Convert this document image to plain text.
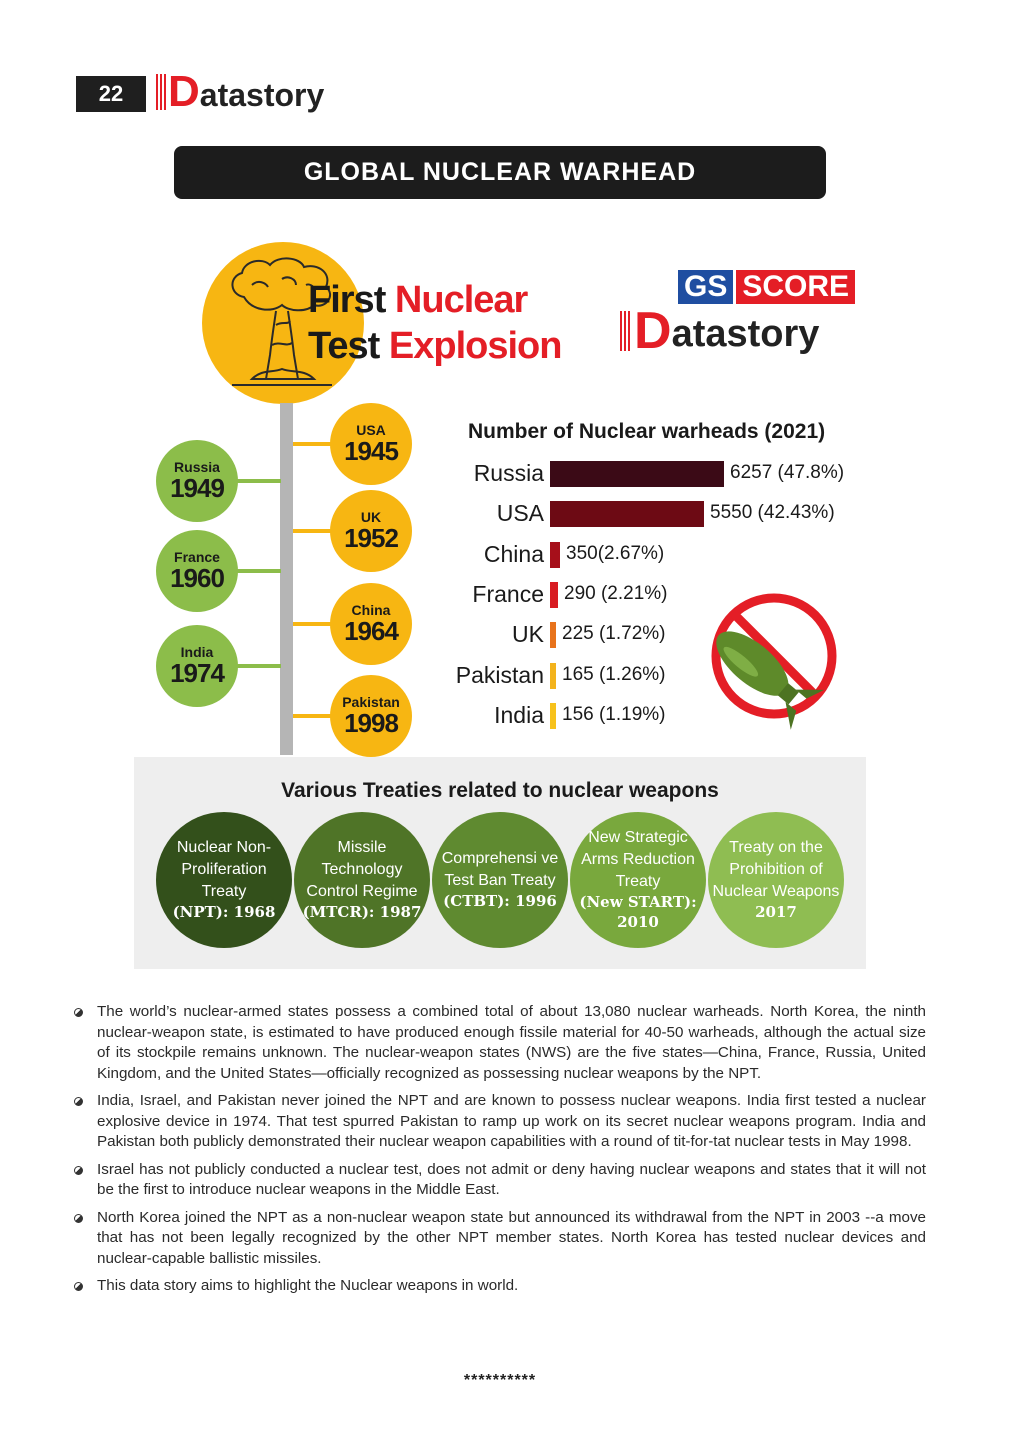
22	D atastory
GLOBAL NUCLEAR WARHEAD
First Nuclear
Test Explosion
GS SCORE
D atastory
USA
1945
Russia
1949
UK
1952
France
1960
China
1964
India
1974
Pakistan
1998
Number of Nuclear warheads (2021)
Russia	6257 (47.8%)
USA	5550 (42.43%)
China 350(2.67%)
France 290 (2.21%)
UK 225 (1.72%)
Pakistan 165 (1.26%)
India 156 (1.19%)
Various Treaties related to nuclear weapons
Nuclear Non-Proliferation Treaty
(NPT): 1968
Missile Technology Control Regime
(MTCR): 1987
Comprehensi ve Test Ban Treaty
(CTBT): 1996
New Strategic Arms Reduction Treaty
(New START): 2010
Treaty on the Prohibition of Nuclear Weapons
2017
The world’s nuclear-armed states possess a combined total of about 13,080 nuclear warheads. North Korea, the ninth nuclear-weapon state, is estimated to have produced enough fissile material for 40-50 warheads, although the actual size of its stockpile remains unknown. The nuclear-weapon states (NWS) are the five states—China, France, Russia, United Kingdom, and the United States—officially recognized as possessing nuclear weapons by the NPT.
India, Israel, and Pakistan never joined the NPT and are known to possess nuclear weapons. India first tested a nuclear explosive device in 1974. That test spurred Pakistan to ramp up work on its secret nuclear weapons program. India and Pakistan both publicly demonstrated their nuclear weapon capabilities with a round of tit-for-tat nuclear tests in May 1998.
Israel has not publicly conducted a nuclear test, does not admit or deny having nuclear weapons and states that it will not be the first to introduce nuclear weapons in the Middle East.
North Korea joined the NPT as a non-nuclear weapon state but announced its withdrawal from the NPT in 2003 --a move that has not been legally recognized by the other NPT member states. North Korea has tested nuclear devices and nuclear-capable ballistic missiles.
This data story aims to highlight the Nuclear weapons in world.
**********
